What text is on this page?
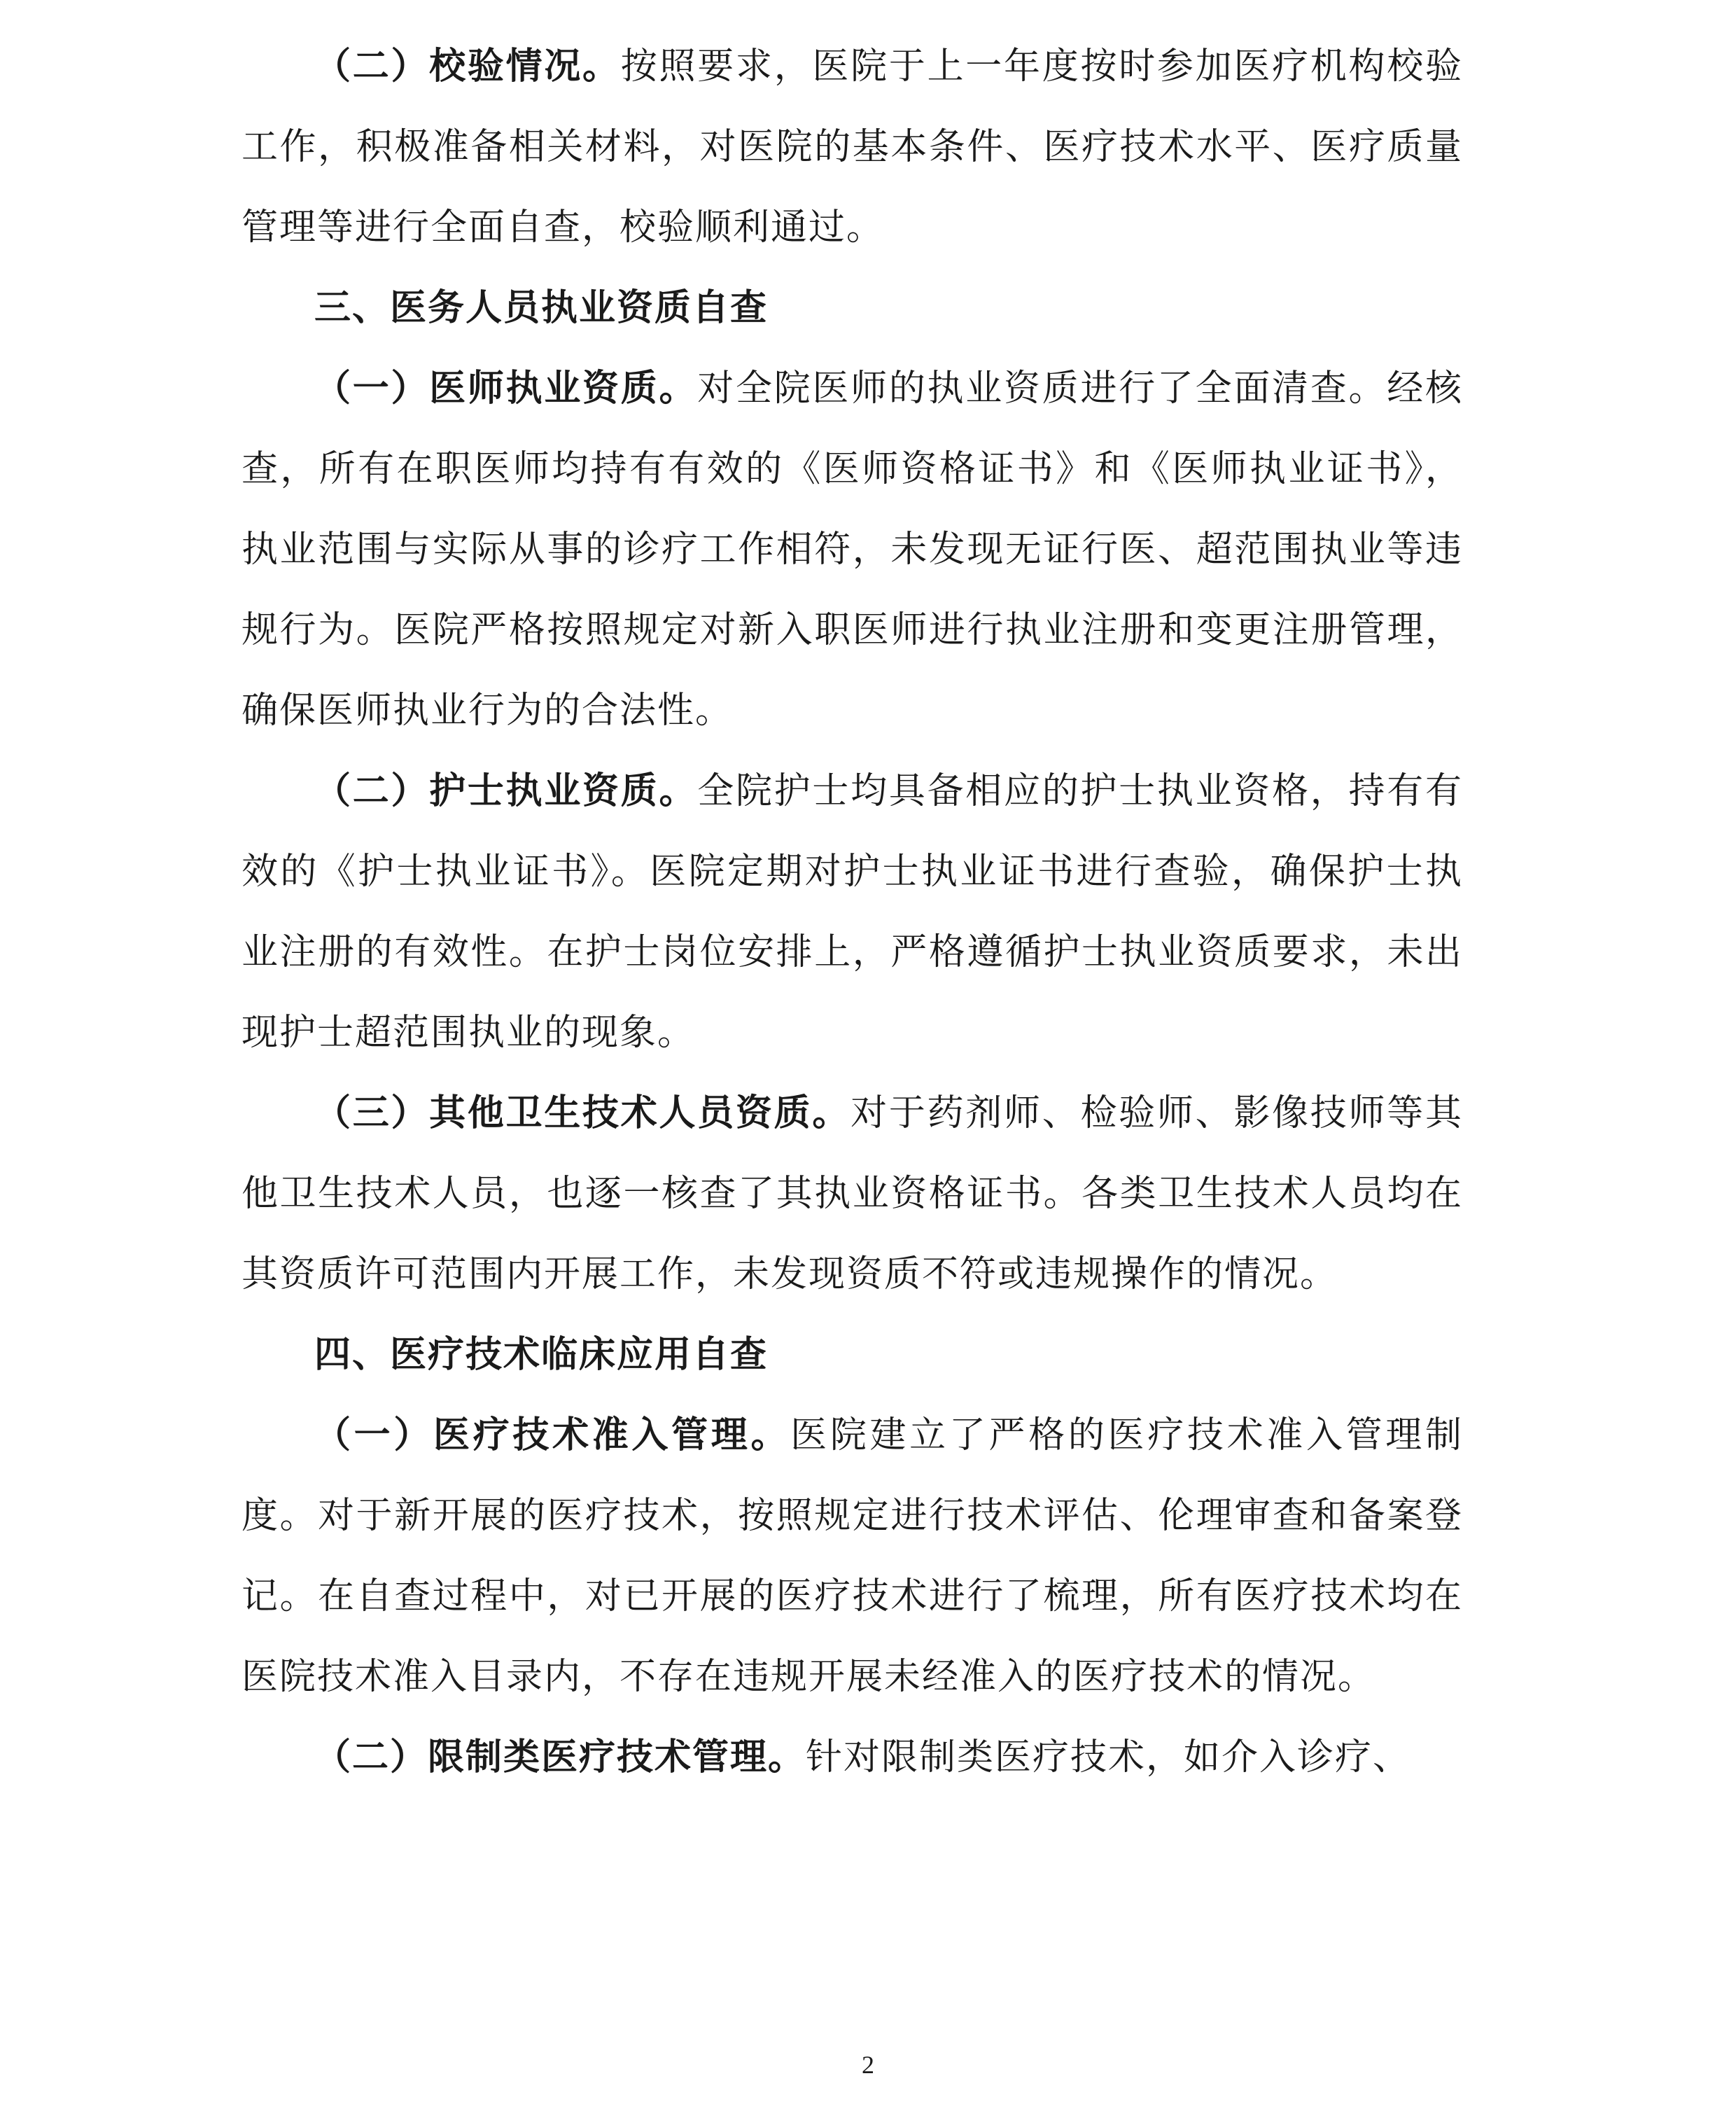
（二）校验情况。按照要求，医院于上一年度按时参加医疗机构校验工作，积极准备相关材料，对医院的基本条件、医疗技术水平、医疗质量管理等进行全面自查，校验顺利通过。

三、医务人员执业资质自查

（一）医师执业资质。对全院医师的执业资质进行了全面清查。经核查，所有在职医师均持有有效的《医师资格证书》和《医师执业证书》，执业范围与实际从事的诊疗工作相符，未发现无证行医、超范围执业等违规行为。医院严格按照规定对新入职医师进行执业注册和变更注册管理，确保医师执业行为的合法性。

（二）护士执业资质。全院护士均具备相应的护士执业资格，持有有效的《护士执业证书》。医院定期对护士执业证书进行查验，确保护士执业注册的有效性。在护士岗位安排上，严格遵循护士执业资质要求，未出现护士超范围执业的现象。

（三）其他卫生技术人员资质。对于药剂师、检验师、影像技师等其他卫生技术人员，也逐一核查了其执业资格证书。各类卫生技术人员均在其资质许可范围内开展工作，未发现资质不符或违规操作的情况。

四、医疗技术临床应用自查

（一）医疗技术准入管理。医院建立了严格的医疗技术准入管理制度。对于新开展的医疗技术，按照规定进行技术评估、伦理审查和备案登记。在自查过程中，对已开展的医疗技术进行了梳理，所有医疗技术均在医院技术准入目录内，不存在违规开展未经准入的医疗技术的情况。

（二）限制类医疗技术管理。针对限制类医疗技术，如介入诊疗、

2
